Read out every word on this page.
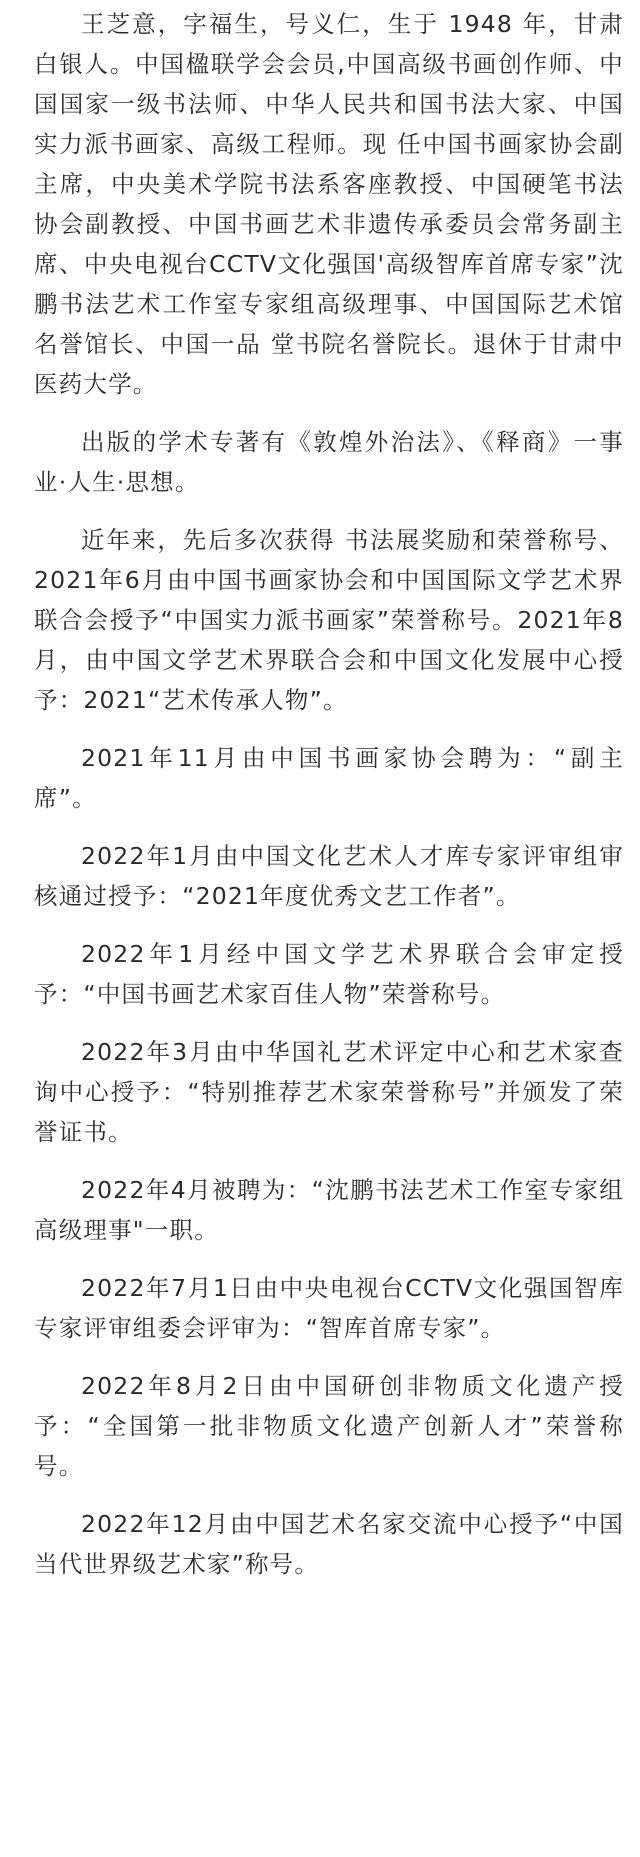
王芝意，字福生，号义仁，生于 1948 年，甘肃白银人。中国楹联学会会员,中国高级书画创作师、中国国家一级书法师、中华人民共和国书法大家、中国实力派书画家、高级工程师。现 任中国书画家协会副主席，中央美术学院书法系客座教授、中国硬笔书法协会副教授、中国书画艺术非遗传承委员会常务副主席、中央电视台CCTV文化强国'高级智库首席专家”沈鹏书法艺术工作室专家组高级理事、中国国际艺术馆名誉馆长、中国一品 堂书院名誉院长。退休于甘肃中医药大学。

出版的学术专著有《敦煌外治法》、《释商》一事业·人生·思想。

近年来，先后多次获得 书法展奖励和荣誉称号、2021年6月由中国书画家协会和中国国际文学艺术界联合会授予“中国实力派书画家”荣誉称号。2021年8月，由中国文学艺术界联合会和中国文化发展中心授予：2021“艺术传承人物”。

2021年11月由中国书画家协会聘为：“副主席”。

2022年1月由中国文化艺术人才库专家评审组审核通过授予：“2021年度优秀文艺工作者”。

2022年1月经中国文学艺术界联合会审定授予：“中国书画艺术家百佳人物”荣誉称号。

2022年3月由中华国礼艺术评定中心和艺术家查询中心授予：“特别推荐艺术家荣誉称号”并颁发了荣誉证书。

2022年4月被聘为：“沈鹏书法艺术工作室专家组高级理事"一职。

2022年7月1日由中央电视台CCTV文化强国智库专家评审组委会评审为：“智库首席专家”。

2022年8月2日由中国研创非物质文化遗产授予：“全国第一批非物质文化遗产创新人才”荣誉称号。

2022年12月由中国艺术名家交流中心授予“中国当代世界级艺术家”称号。
